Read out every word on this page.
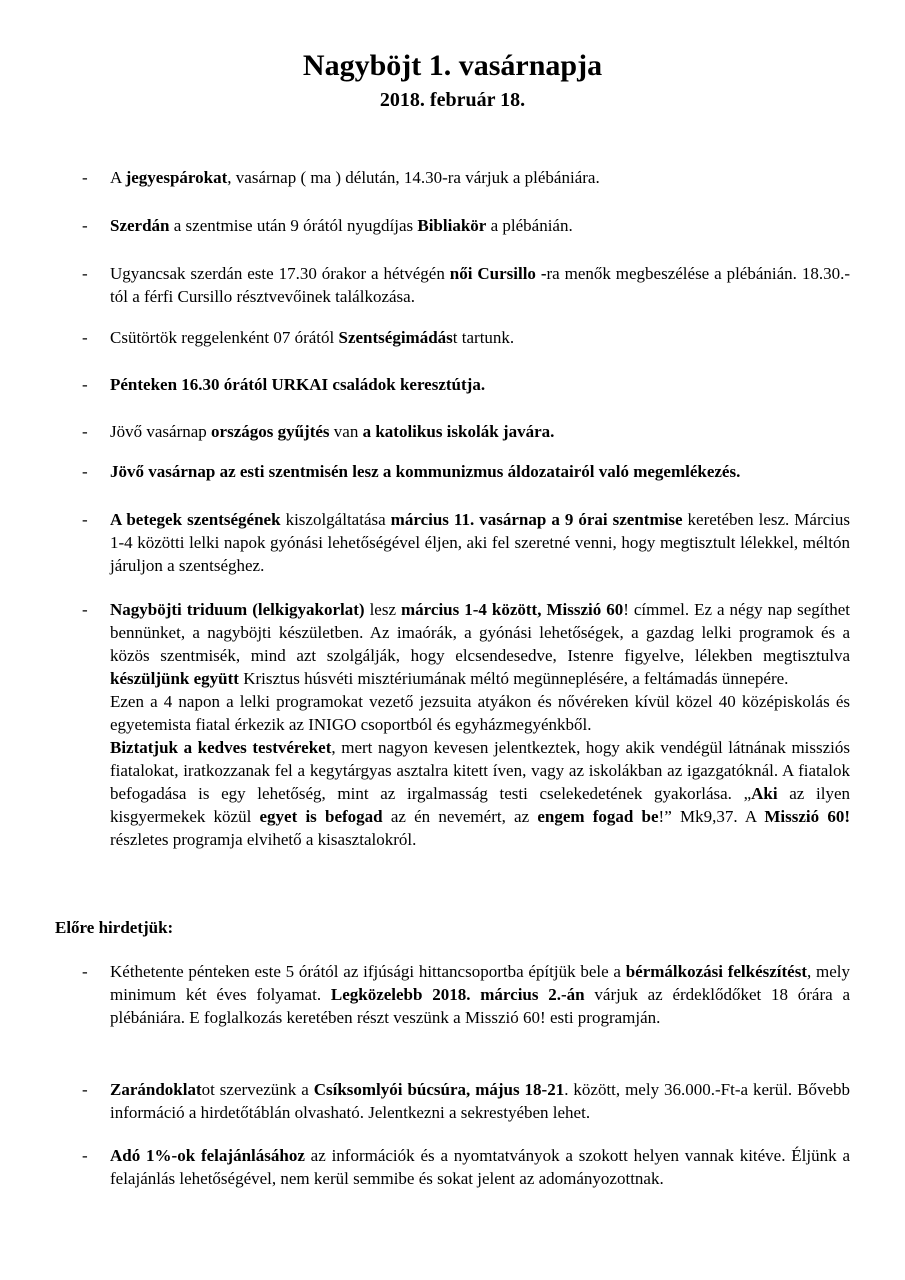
Nagyböjt 1. vasárnapja
2018. február 18.
- A jegyespárokat, vasárnap ( ma ) délután, 14.30-ra várjuk a plébániára.
- Szerdán a szentmise után 9 órától nyugdíjas Bibliakör a plébánián.
- Ugyancsak szerdán este 17.30 órakor a hétvégén női Cursillo -ra menők megbeszélése a plébánián. 18.30.-tól a férfi Cursillo résztvevőinek találkozása.
- Csütörtök reggelenként 07 órától Szentségimádást tartunk.
- Pénteken 16.30 órától URKAI családok keresztútja.
- Jövő vasárnap országos gyűjtés van a katolikus iskolák javára.
- Jövő vasárnap az esti szentmisén lesz a kommunizmus áldozatairól való megemlékezés.
- A betegek szentségének kiszolgáltatása március 11. vasárnap a 9 órai szentmise keretében lesz. Március 1-4 közötti lelki napok gyónási lehetőségével éljen, aki fel szeretné venni, hogy megtisztult lélekkel, méltón járuljon a szentséghez.
- Nagyböjti triduum (lelkigyakorlat) lesz március 1-4 között, Misszió 60! címmel. Ez a négy nap segíthet bennünket, a nagyböjti készületben. Az imaórák, a gyónási lehetőségek, a gazdag lelki programok és a közös szentmisék, mind azt szolgálják, hogy elcsendesedve, Istenre figyelve, lélekben megtisztulva készüljünk együtt Krisztus húsvéti misztériumának méltó megünneplésére, a feltámadás ünnepére.

Ezen a 4 napon a lelki programokat vezető jezsuita atyákon és nővéreken kívül közel 40 középiskolás és egyetemista fiatal érkezik az INIGO csoportból és egyházmegyénkből.

Biztatjuk a kedves testvéreket, mert nagyon kevesen jelentkeztek, hogy akik vendégül látnának missziós fiatalokat, iratkozzanak fel a kegytárgyas asztalra kitett íven, vagy az iskolákban az igazgatóknál. A fiatalok befogadása is egy lehetőség, mint az irgalmasság testi cselekedetének gyakorlása. „Aki az ilyen kisgyermekek közül egyet is befogad az én nevemért, az engem fogad be!” Mk9,37. A Misszió 60! részletes programja elvihető a kisasztalokról.

Előre hirdetjük:
- Kéthetente pénteken este 5 órától az ifjúsági hittancsoportba építjük bele a bérmálkozási felkészítést, mely minimum két éves folyamat. Legközelebb 2018. március 2.-án várjuk az érdeklődőket 18 órára a plébániára. E foglalkozás keretében részt veszünk a Misszió 60! esti programján.
- Zarándoklatot szervezünk a Csíksomlyói búcsúra, május 18-21. között, mely 36.000.-Ft-a kerül. Bővebb információ a hirdetőtáblán olvasható. Jelentkezni a sekrestyében lehet.
- Adó 1%-ok felajánlásához az információk és a nyomtatványok a szokott helyen vannak kitéve. Éljünk a felajánlás lehetőségével, nem kerül semmibe és sokat jelent az adományozottnak.
